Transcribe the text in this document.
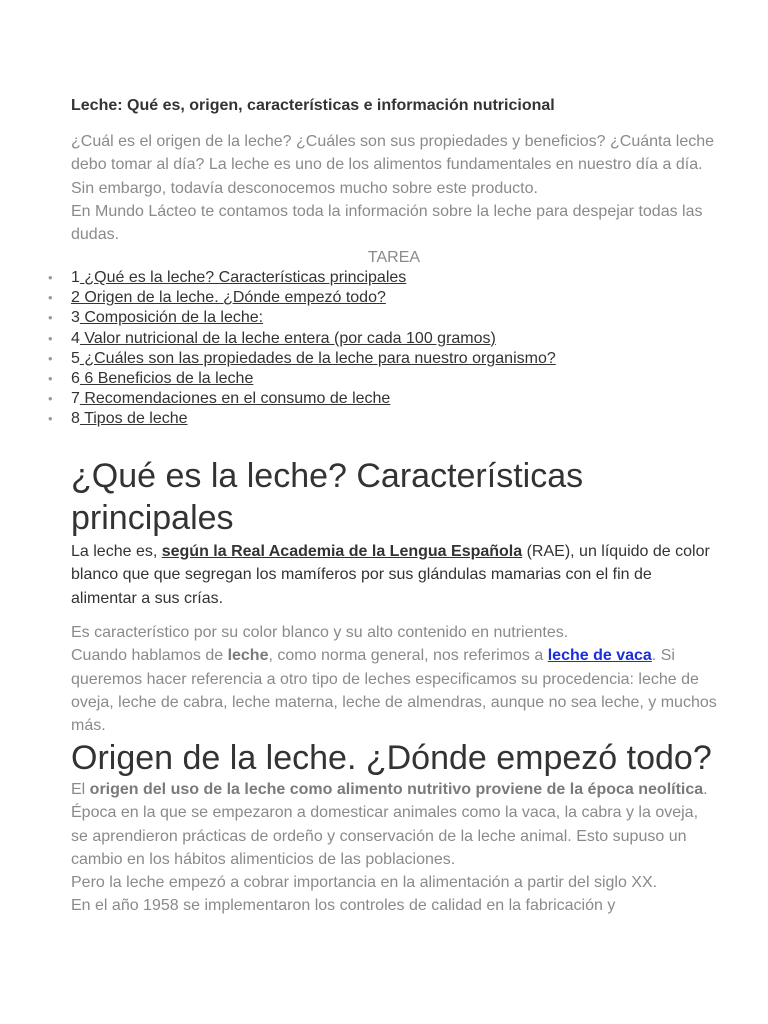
Leche: Qué es, origen, características e información nutricional

¿Cuál es el origen de la leche? ¿Cuáles son sus propiedades y beneficios? ¿Cuánta leche debo tomar al día? La leche es uno de los alimentos fundamentales en nuestro día a día. Sin embargo, todavía desconocemos mucho sobre este producto.

En Mundo Lácteo te contamos toda la información sobre la leche para despejar todas las dudas.

TAREA
• 1 ¿Qué es la leche? Características principales
• 2 Origen de la leche. ¿Dónde empezó todo?
• 3 Composición de la leche:
• 4 Valor nutricional de la leche entera (por cada 100 gramos)
• 5 ¿Cuáles son las propiedades de la leche para nuestro organismo?
• 6 6 Beneficios de la leche
• 7 Recomendaciones en el consumo de leche
• 8 Tipos de leche
¿Qué es la leche? Características principales

La leche es, según la Real Academia de la Lengua Española (RAE), un líquido de color blanco que que segregan los mamíferos por sus glándulas mamarias con el fin de alimentar a sus crías.

Es característico por su color blanco y su alto contenido en nutrientes.

Cuando hablamos de leche, como norma general, nos referimos a leche de vaca. Si queremos hacer referencia a otro tipo de leches especificamos su procedencia: leche de oveja, leche de cabra, leche materna, leche de almendras, aunque no sea leche, y muchos más.

Origen de la leche. ¿Dónde empezó todo?

El origen del uso de la leche como alimento nutritivo proviene de la época neolítica. Época en la que se empezaron a domesticar animales como la vaca, la cabra y la oveja, se aprendieron prácticas de ordeño y conservación de la leche animal. Esto supuso un cambio en los hábitos alimenticios de las poblaciones.

Pero la leche empezó a cobrar importancia en la alimentación a partir del siglo XX.

En el año 1958 se implementaron los controles de calidad en la fabricación y
